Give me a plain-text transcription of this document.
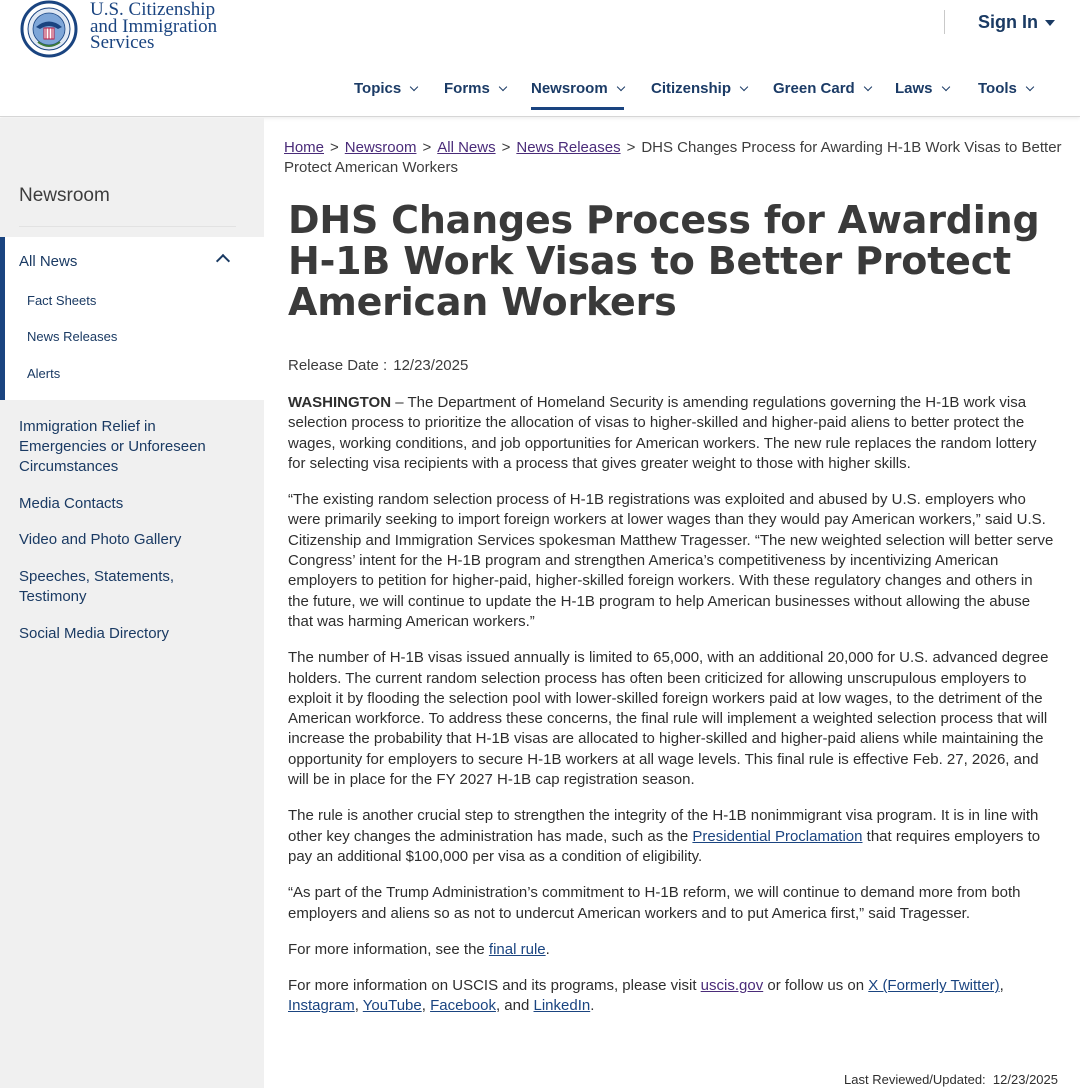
U.S. Citizenship
and Immigration
Services
Sign In
Topics	Forms	Newsroom	Citizenship	Green Card	Laws	Tools
Newsroom
All News
Fact Sheets
News Releases
Alerts
Immigration Relief in Emergencies or Unforeseen Circumstances
Media Contacts
Video and Photo Gallery
Speeches, Statements, Testimony
Social Media Directory
Home > Newsroom > All News > News Releases > DHS Changes Process for Awarding H-1B Work Visas to Better Protect American Workers
DHS Changes Process for Awarding H-1B Work Visas to Better Protect American Workers
Release Date : 12/23/2025

WASHINGTON – The Department of Homeland Security is amending regulations governing the H-1B work visa selection process to prioritize the allocation of visas to higher-skilled and higher-paid aliens to better protect the wages, working conditions, and job opportunities for American workers. The new rule replaces the random lottery for selecting visa recipients with a process that gives greater weight to those with higher skills.

“The existing random selection process of H-1B registrations was exploited and abused by U.S. employers who were primarily seeking to import foreign workers at lower wages than they would pay American workers,” said U.S. Citizenship and Immigration Services spokesman Matthew Tragesser. “The new weighted selection will better serve Congress’ intent for the H-1B program and strengthen America’s competitiveness by incentivizing American employers to petition for higher-paid, higher-skilled foreign workers. With these regulatory changes and others in the future, we will continue to update the H-1B program to help American businesses without allowing the abuse that was harming American workers.”

The number of H-1B visas issued annually is limited to 65,000, with an additional 20,000 for U.S. advanced degree holders. The current random selection process has often been criticized for allowing unscrupulous employers to exploit it by flooding the selection pool with lower-skilled foreign workers paid at low wages, to the detriment of the American workforce. To address these concerns, the final rule will implement a weighted selection process that will increase the probability that H-1B visas are allocated to higher-skilled and higher-paid aliens while maintaining the opportunity for employers to secure H-1B workers at all wage levels. This final rule is effective Feb. 27, 2026, and will be in place for the FY 2027 H-1B cap registration season.

The rule is another crucial step to strengthen the integrity of the H-1B nonimmigrant visa program. It is in line with other key changes the administration has made, such as the Presidential Proclamation that requires employers to pay an additional $100,000 per visa as a condition of eligibility.

“As part of the Trump Administration’s commitment to H-1B reform, we will continue to demand more from both employers and aliens so as not to undercut American workers and to put America first,” said Tragesser.

For more information, see the final rule.

For more information on USCIS and its programs, please visit uscis.gov or follow us on X (Formerly Twitter), Instagram, YouTube, Facebook, and LinkedIn.

Last Reviewed/Updated: 12/23/2025
